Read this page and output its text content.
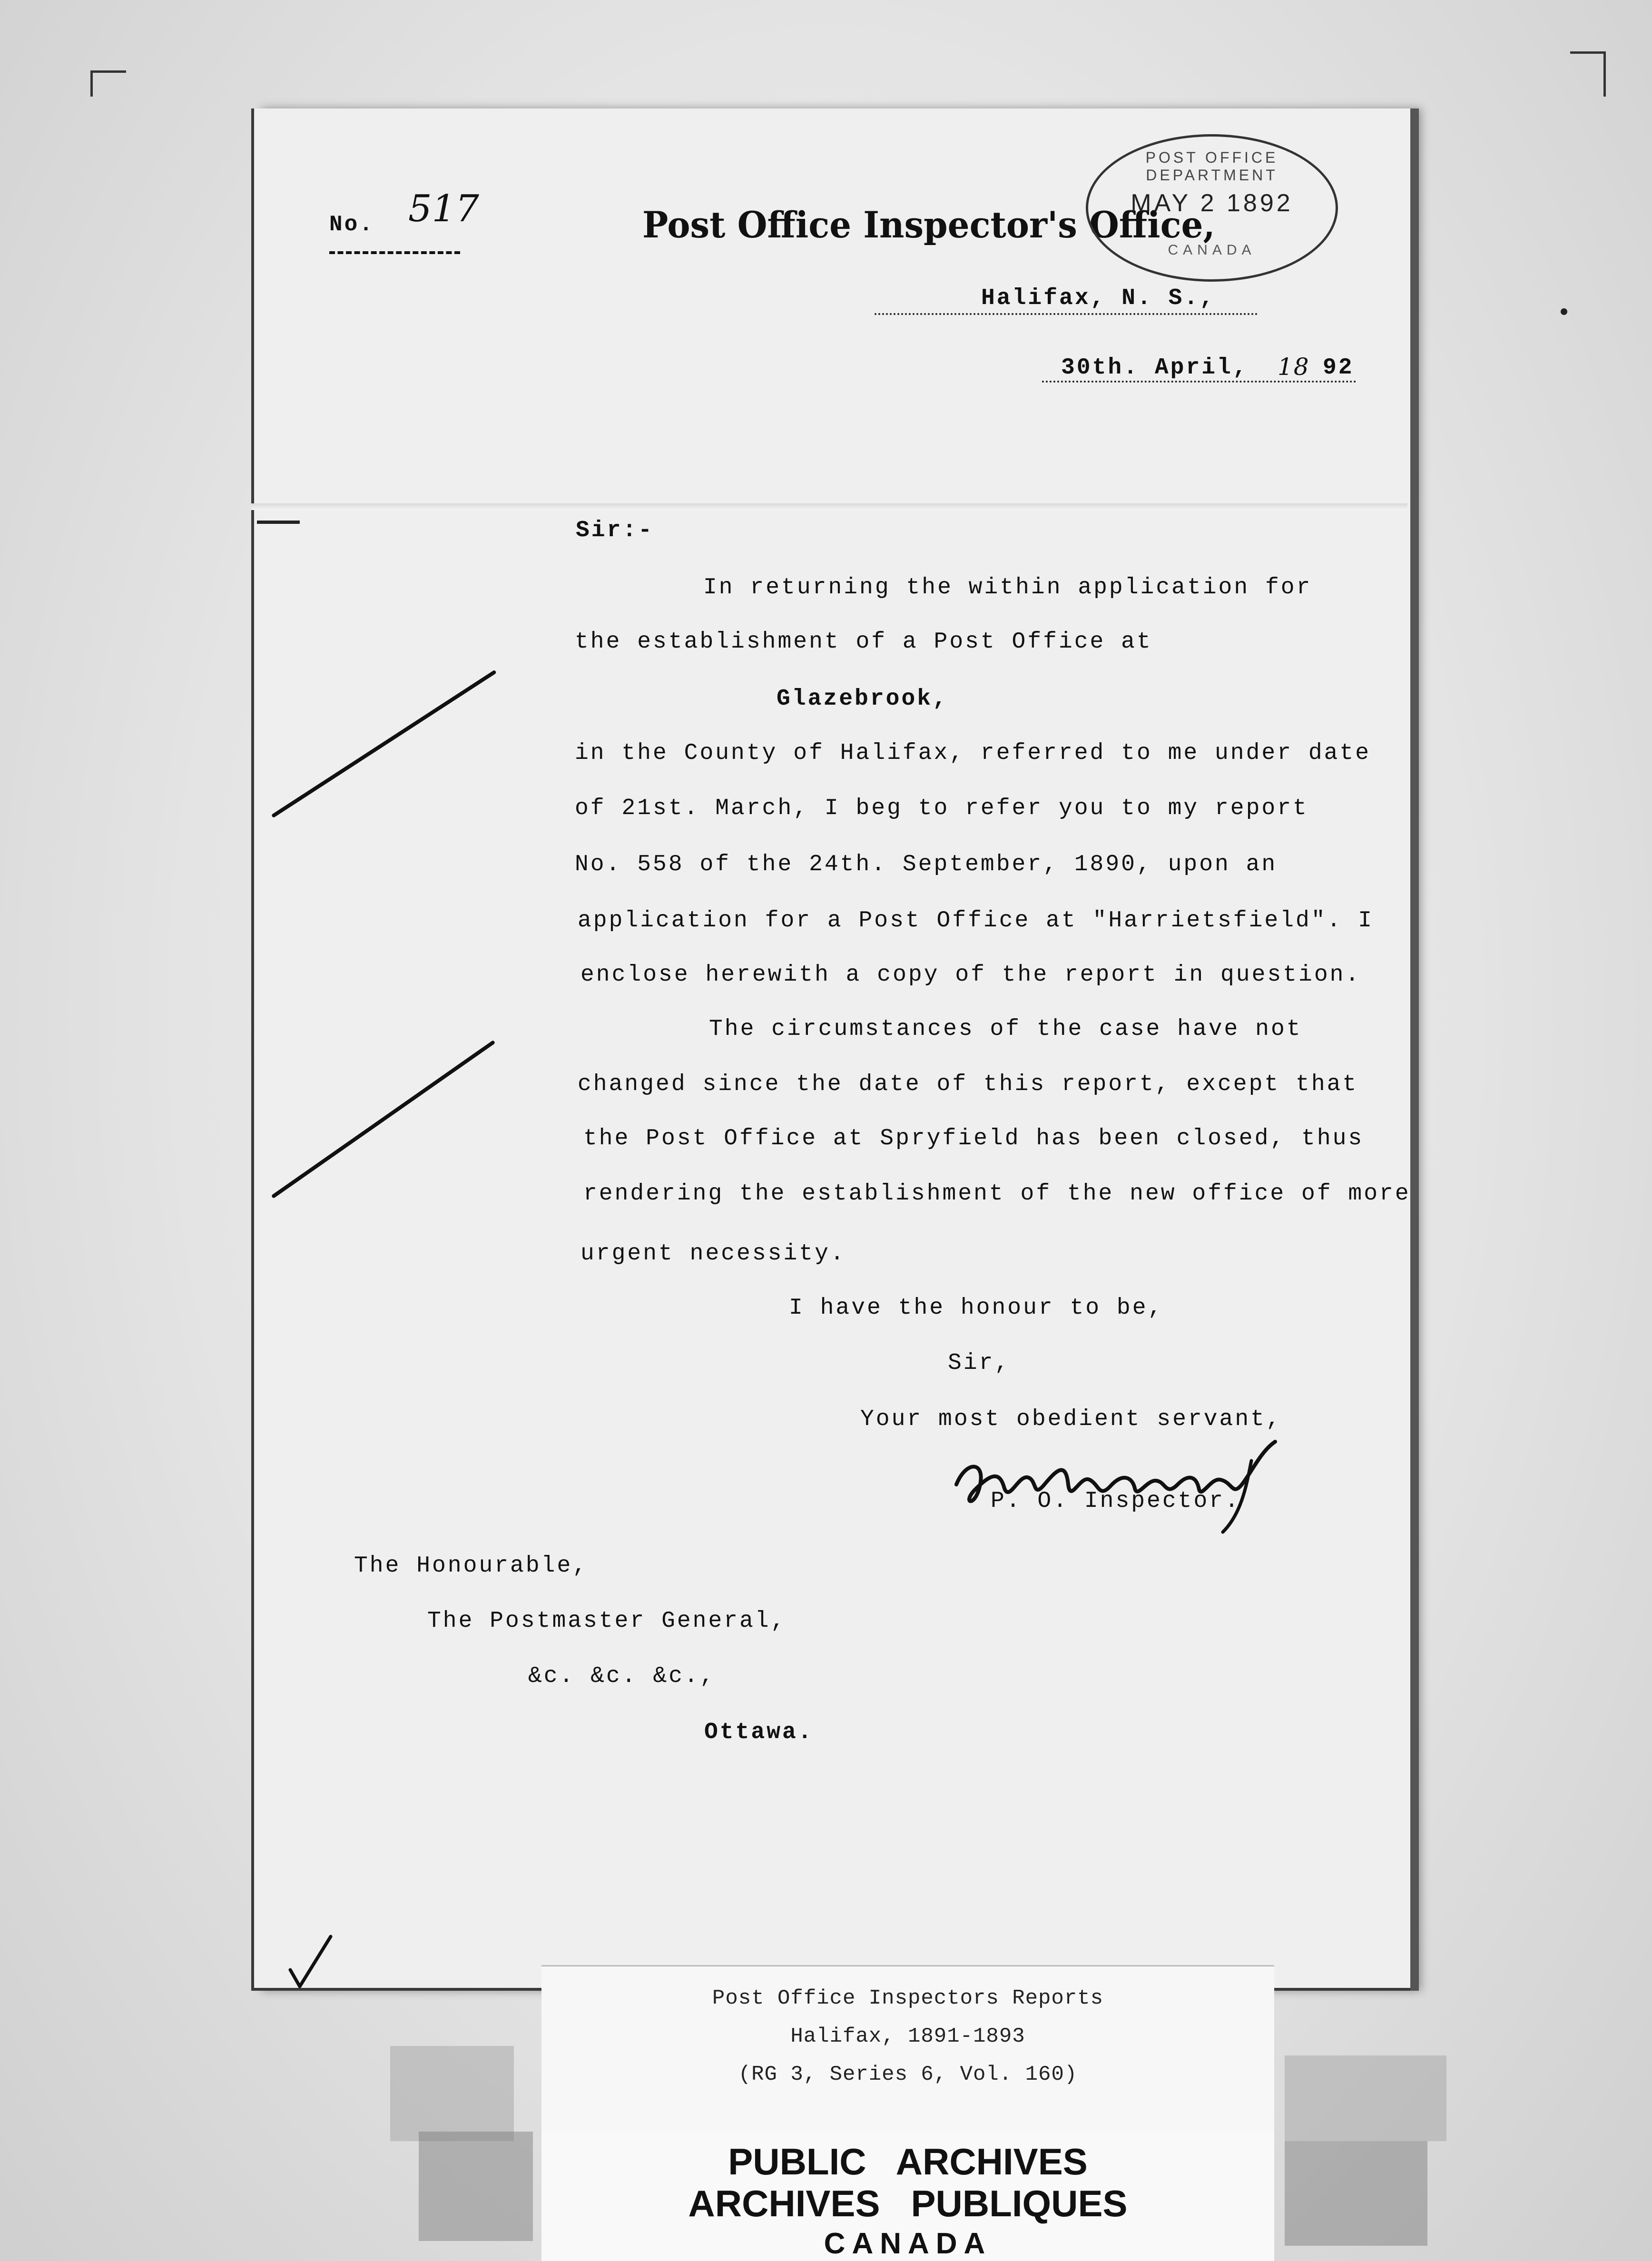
No. 517	Post Office Inspector's Office,
POST OFFICE DEPARTMENT
MAY 2 1892
CANADA
Halifax, N. S.,
30th. April, 18 92
Sir:-
In returning the within application for
the establishment of a Post Office at
Glazebrook,
in the County of Halifax, referred to me under date
of 21st. March, I beg to refer you to my report
No. 558 of the 24th. September, 1890, upon an
application for a Post Office at "Harrietsfield". I
enclose herewith a copy of the report in question.
The circumstances of the case have not
changed since the date of this report, except that
the Post Office at Spryfield has been closed, thus
rendering the establishment of the new office of more
urgent necessity.
I have the honour to be,
Sir,
Your most obedient servant,
P. O. Inspector.
The Honourable,
The Postmaster General,
&c. &c. &c.,
Ottawa.
Post Office Inspectors Reports
Halifax, 1891-1893
(RG 3, Series 6, Vol. 160)
PUBLIC   ARCHIVES
ARCHIVES   PUBLIQUES
CANADA
